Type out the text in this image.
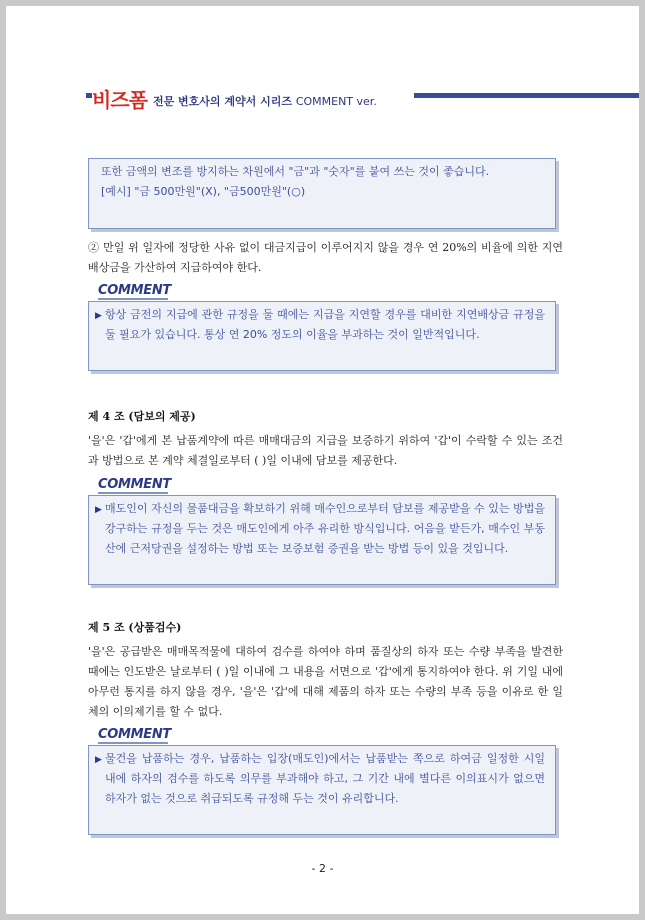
비즈폼 전문 변호사의 계약서 시리즈 COMMENT ver.
또한 금액의 변조를 방지하는 차원에서 "금"과 "숫자"를 붙여 쓰는 것이 좋습니다.
[예시] "금 500만원"(X), "금500만원"(○)
② 만일 위 일자에 정당한 사유 없이 대금지급이 이루어지지 않을 경우 연 20%의 비율에 의한 지연배상금을 가산하여 지급하여야 한다.
COMMENT
▶ 항상 금전의 지급에 관한 규정을 둘 때에는 지급을 지연할 경우를 대비한 지연배상금 규정을 둘 필요가 있습니다. 통상 연 20% 정도의 이율을 부과하는 것이 일반적입니다.
제 4 조 (담보의 제공)
'을'은 '갑'에게 본 납품계약에 따른 매매대금의 지급을 보증하기 위하여 '갑'이 수락할 수 있는 조건과 방법으로 본 계약 체결일로부터 ( )일 이내에 담보를 제공한다.
COMMENT
▶ 매도인이 자신의 물품대금을 확보하기 위해 매수인으로부터 담보를 제공받을 수 있는 방법을 강구하는 규정을 두는 것은 매도인에게 아주 유리한 방식입니다. 어음을 받든가, 매수인 부동산에 근저당권을 설정하는 방법 또는 보증보험 증권을 받는 방법 등이 있을 것입니다.
제 5 조 (상품검수)
'을'은 공급받은 매매목적물에 대하여 검수를 하여야 하며 품질상의 하자 또는 수량 부족을 발견한 때에는 인도받은 날로부터 ( )일 이내에 그 내용을 서면으로 '갑'에게 통지하여야 한다. 위 기일 내에 아무런 통지를 하지 않을 경우, '을'은 '갑'에 대해 제품의 하자 또는 수량의 부족 등을 이유로 한 일체의 이의제기를 할 수 없다.
COMMENT
▶ 물건을 납품하는 경우, 납품하는 입장(매도인)에서는 납품받는 쪽으로 하여금 일정한 시일 내에 하자의 검수를 하도록 의무를 부과해야 하고, 그 기간 내에 별다른 이의표시가 없으면 하자가 없는 것으로 취급되도록 규정해 두는 것이 유리합니다.
- 2 -
